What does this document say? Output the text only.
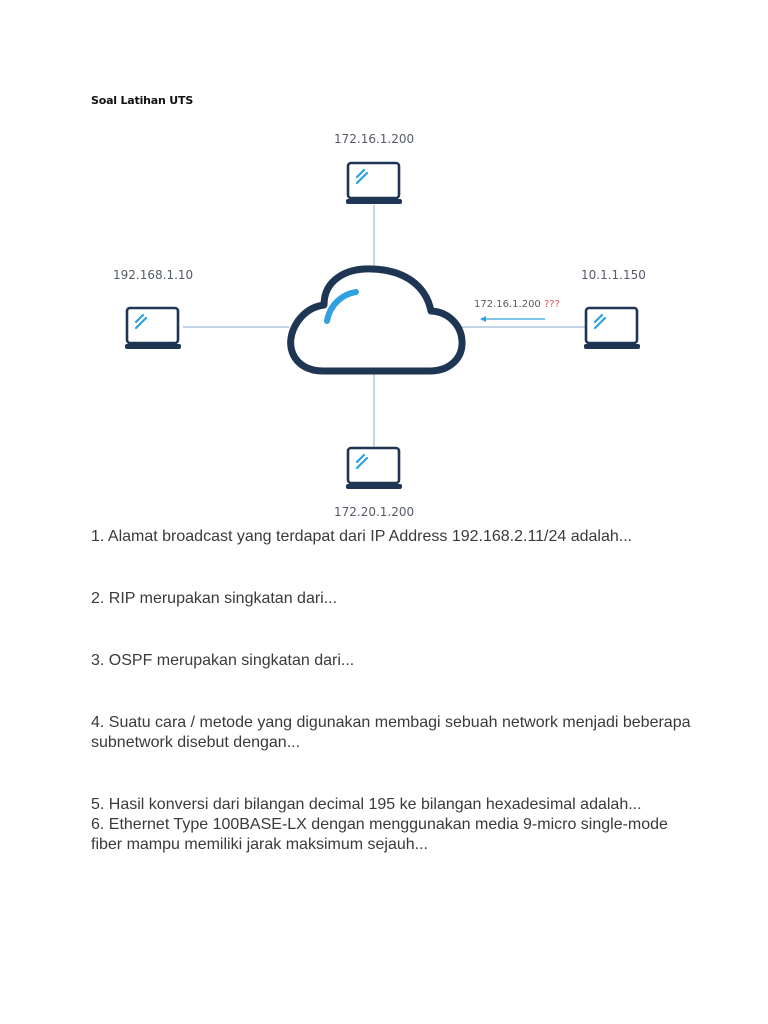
Soal Latihan UTS
172.16.1.200
192.168.1.10	10.1.1.150
172.20.1.200
172.16.1.200 ???

1. Alamat broadcast yang terdapat dari IP Address 192.168.2.11/24 adalah...

2. RIP merupakan singkatan dari...

3. OSPF merupakan singkatan dari...

4. Suatu cara / metode yang digunakan membagi sebuah network menjadi beberapa subnetwork disebut dengan...

5. Hasil konversi dari bilangan decimal 195 ke bilangan hexadesimal adalah...

6. Ethernet Type 100BASE-LX dengan menggunakan media 9-micro single-mode fiber mampu memiliki jarak maksimum sejauh...
